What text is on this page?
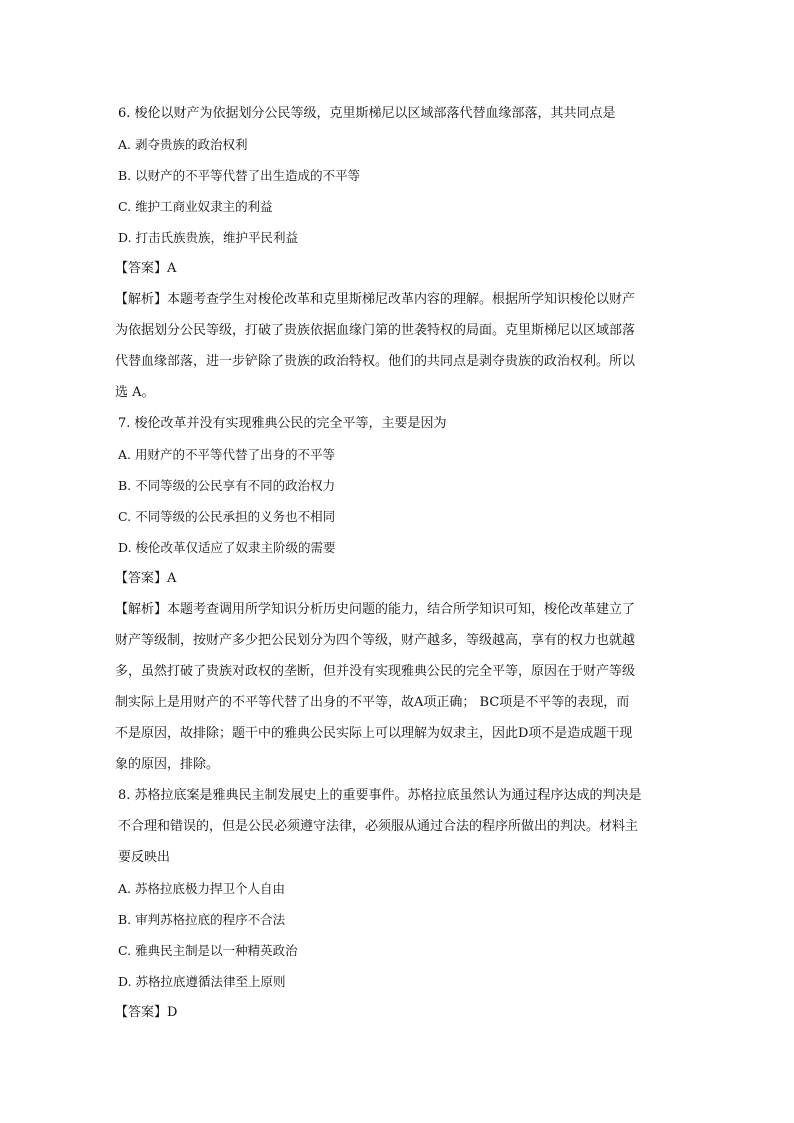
6. 梭伦以财产为依据划分公民等级，克里斯梯尼以区域部落代替血缘部落，其共同点是
A. 剥夺贵族的政治权利
B. 以财产的不平等代替了出生造成的不平等
C. 维护工商业奴隶主的利益
D. 打击氏族贵族，维护平民利益
【答案】A
【解析】本题考查学生对梭伦改革和克里斯梯尼改革内容的理解。根据所学知识梭伦以财产
为依据划分公民等级，打破了贵族依据血缘门第的世袭特权的局面。克里斯梯尼以区域部落
代替血缘部落，进一步铲除了贵族的政治特权。他们的共同点是剥夺贵族的政治权利。所以
选 A。
7. 梭伦改革并没有实现雅典公民的完全平等，主要是因为
A. 用财产的不平等代替了出身的不平等
B. 不同等级的公民享有不同的政治权力
C. 不同等级的公民承担的义务也不相同
D. 梭伦改革仅适应了奴隶主阶级的需要
【答案】A
【解析】本题考查调用所学知识分析历史问题的能力，结合所学知识可知，梭伦改革建立了
财产等级制，按财产多少把公民划分为四个等级，财产越多，等级越高，享有的权力也就越
多，虽然打破了贵族对政权的垄断，但并没有实现雅典公民的完全平等，原因在于财产等级
制实际上是用财产的不平等代替了出身的不平等，故A项正确； BC项是不平等的表现，而
不是原因，故排除；题干中的雅典公民实际上可以理解为奴隶主，因此D项不是造成题干现
象的原因，排除。
8. 苏格拉底案是雅典民主制发展史上的重要事件。苏格拉底虽然认为通过程序达成的判决是
不合理和错误的，但是公民必须遵守法律，必须服从通过合法的程序所做出的判决。材料主
要反映出
A. 苏格拉底极力捍卫个人自由
B. 审判苏格拉底的程序不合法
C. 雅典民主制是以一种精英政治
D. 苏格拉底遵循法律至上原则
【答案】D
